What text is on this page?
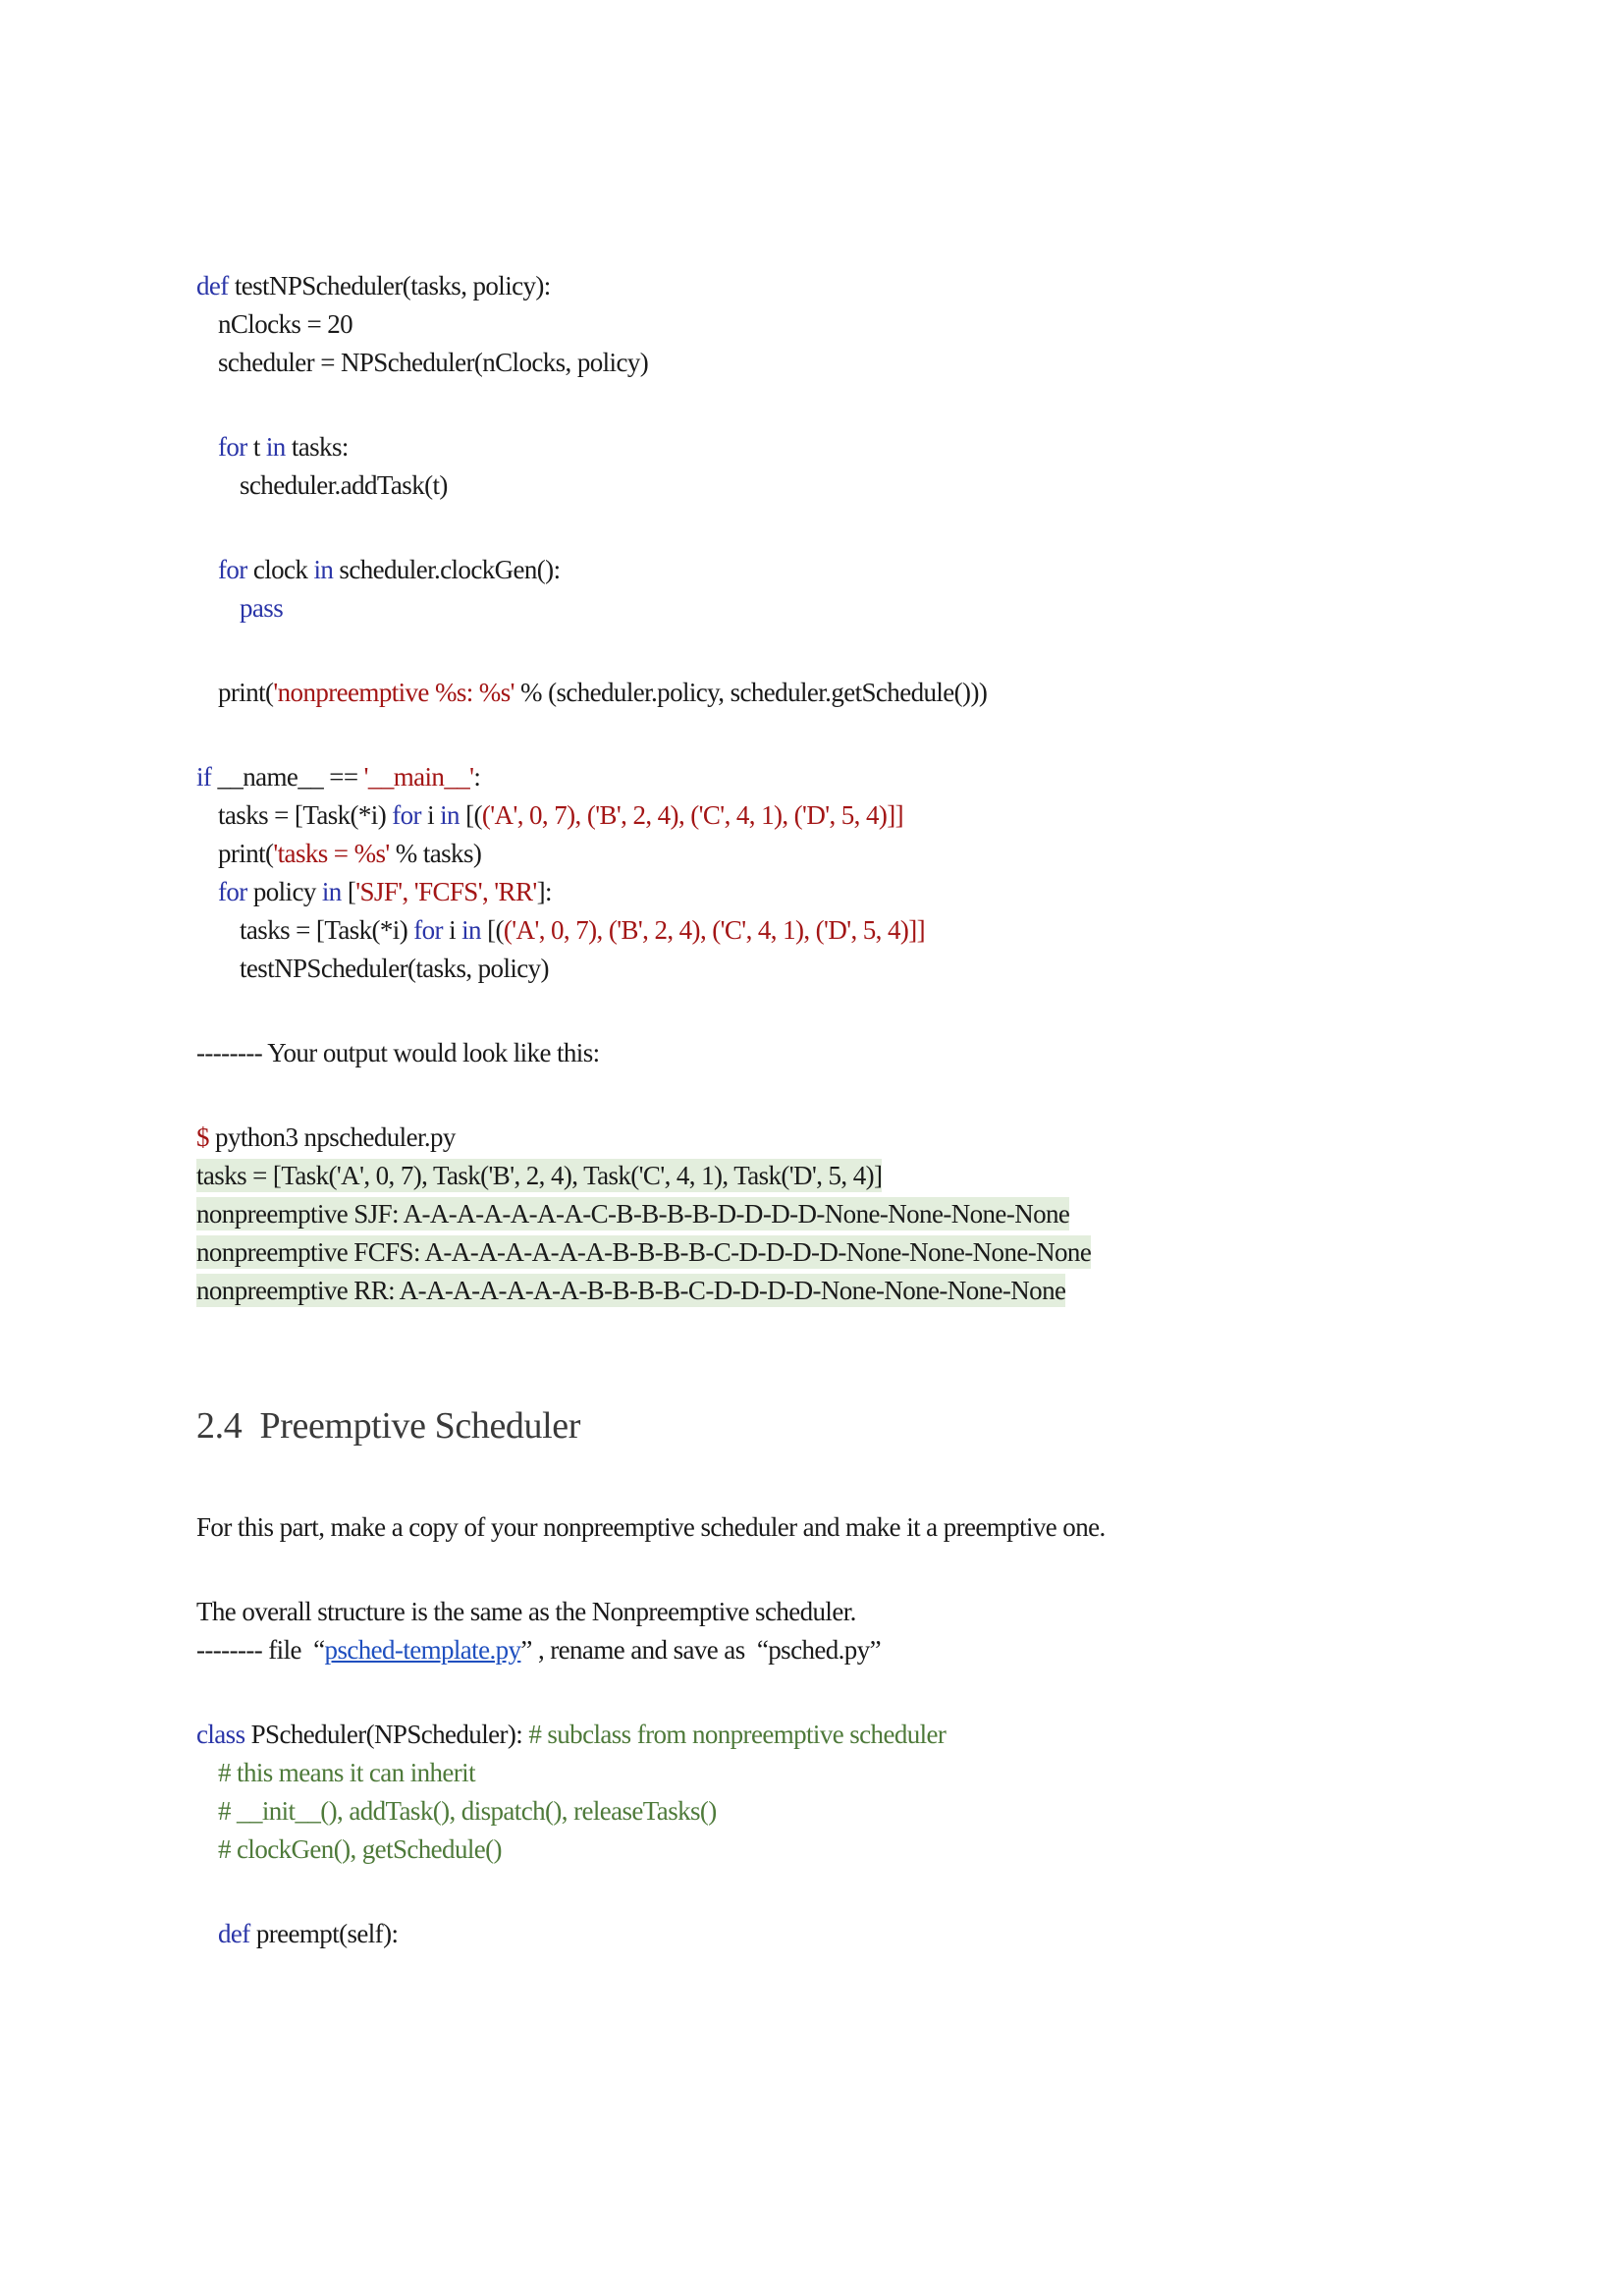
def testNPScheduler(tasks, policy):
nClocks = 20
scheduler = NPScheduler(nClocks, policy)
for t in tasks:
scheduler.addTask(t)
for clock in scheduler.clockGen():
pass
print('nonpreemptive %s: %s' % (scheduler.policy, scheduler.getSchedule()))
if __name__ == '__main__':
tasks = [Task(*i) for i in [(('A', 0, 7), ('B', 2, 4), ('C', 4, 1), ('D', 5, 4)]]
print('tasks = %s' % tasks)
for policy in ['SJF', 'FCFS', 'RR']:
tasks = [Task(*i) for i in [(('A', 0, 7), ('B', 2, 4), ('C', 4, 1), ('D', 5, 4)]]
testNPScheduler(tasks, policy)
-------- Your output would look like this:
$ python3 npscheduler.py
tasks = [Task('A', 0, 7), Task('B', 2, 4), Task('C', 4, 1), Task('D', 5, 4)]
nonpreemptive SJF: A-A-A-A-A-A-A-C-B-B-B-B-D-D-D-D-None-None-None-None
nonpreemptive FCFS: A-A-A-A-A-A-A-B-B-B-B-C-D-D-D-D-None-None-None-None
nonpreemptive RR: A-A-A-A-A-A-A-B-B-B-B-C-D-D-D-D-None-None-None-None
2.4  Preemptive Scheduler
For this part, make a copy of your nonpreemptive scheduler and make it a preemptive one.
The overall structure is the same as the Nonpreemptive scheduler.
-------- file  “psched-template.py” , rename and save as  “psched.py”
class PScheduler(NPScheduler): # subclass from nonpreemptive scheduler
# this means it can inherit
# __init__(), addTask(), dispatch(), releaseTasks()
# clockGen(), getSchedule()
def preempt(self):
